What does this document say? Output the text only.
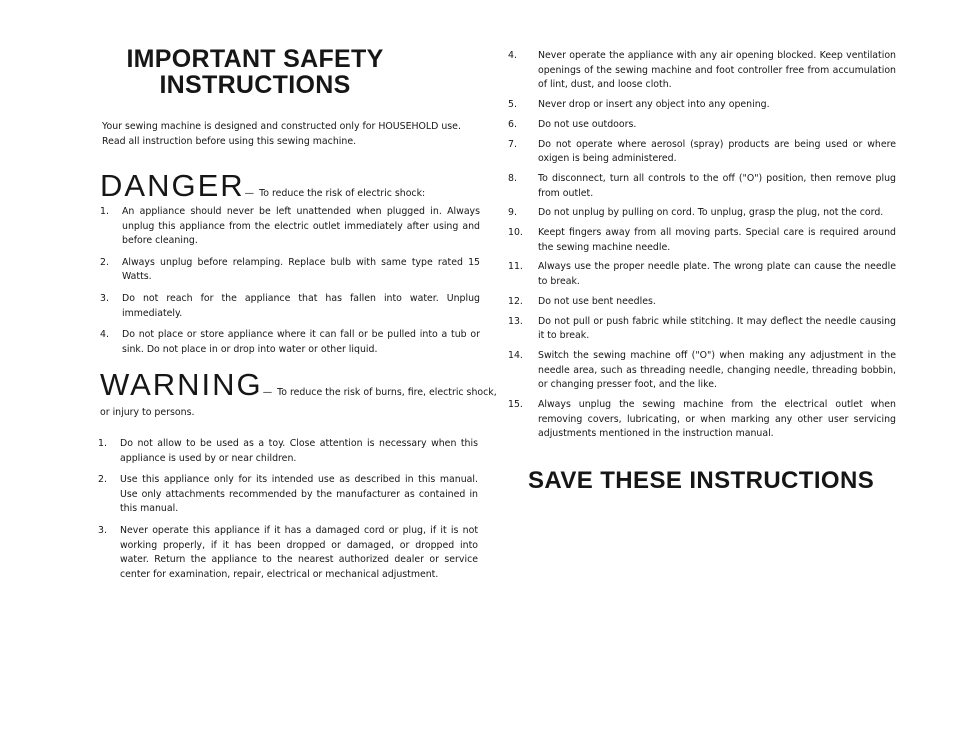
IMPORTANT SAFETY INSTRUCTIONS
Your sewing machine is designed and constructed only for HOUSEHOLD use. Read all instruction before using this sewing machine.
DANGER— To reduce the risk of electric shock:
1. An appliance should never be left unattended when plugged in. Always unplug this appliance from the electric outlet immediately after using and before cleaning.
2. Always unplug before relamping. Replace bulb with same type rated 15 Watts.
3. Do not reach for the appliance that has fallen into water. Unplug immediately.
4. Do not place or store appliance where it can fall or be pulled into a tub or sink. Do not place in or drop into water or other liquid.
WARNING— To reduce the risk of burns, fire, electric shock,
or injury to persons.
1. Do not allow to be used as a toy. Close attention is necessary when this appliance is used by or near children.
2. Use this appliance only for its intended use as described in this manual. Use only attachments recommended by the manufacturer as contained in this manual.
3. Never operate this appliance if it has a damaged cord or plug, if it is not working properly, if it has been dropped or damaged, or dropped into water. Return the appliance to the nearest authorized dealer or service center for examination, repair, electrical or mechanical adjustment.
4. Never operate the appliance with any air opening blocked. Keep ventilation openings of the sewing machine and foot controller free from accumulation of lint, dust, and loose cloth.
5. Never drop or insert any object into any opening.
6. Do not use outdoors.
7. Do not operate where aerosol (spray) products are being used or where oxigen is being administered.
8. To disconnect, turn all controls to the off ("O") position, then remove plug from outlet.
9. Do not unplug by pulling on cord. To unplug, grasp the plug, not the cord.
10. Keept fingers away from all moving parts. Special care is required around the sewing machine needle.
11. Always use the proper needle plate. The wrong plate can cause the needle to break.
12. Do not use bent needles.
13. Do not pull or push fabric while stitching. It may deflect the needle causing it to break.
14. Switch the sewing machine off ("O") when making any adjustment in the needle area, such as threading needle, changing needle, threading bobbin, or changing presser foot, and the like.
15. Always unplug the sewing machine from the electrical outlet when removing covers, lubricating, or when marking any other user servicing adjustments mentioned in the instruction manual.
SAVE THESE INSTRUCTIONS
